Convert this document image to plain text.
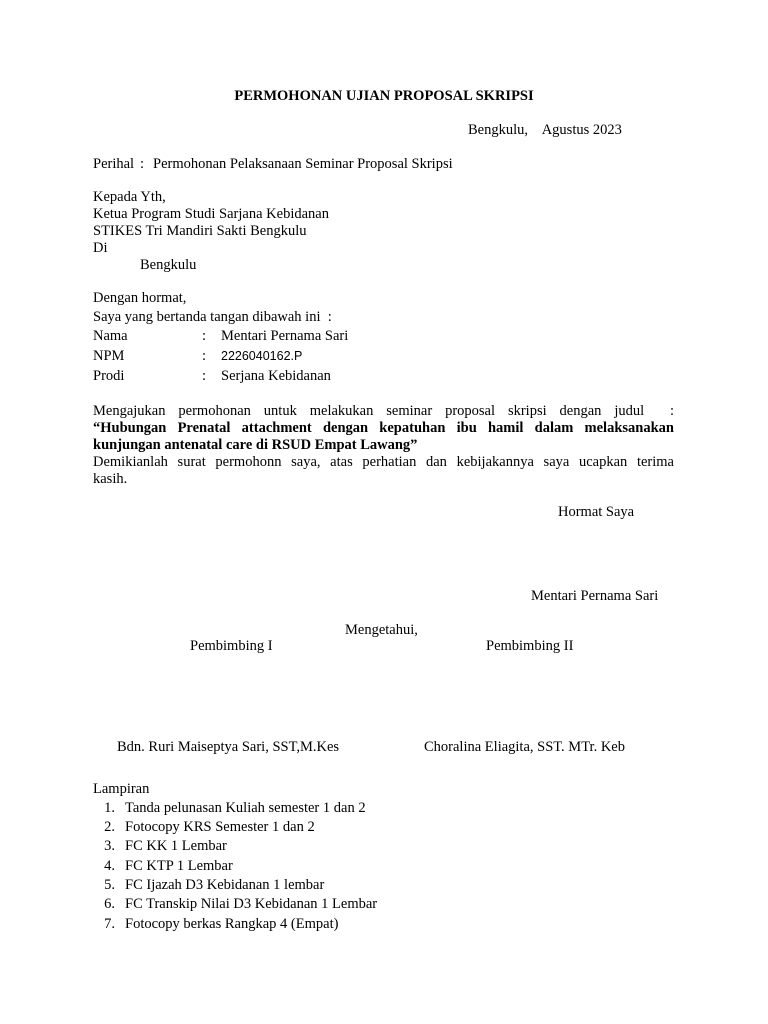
PERMOHONAN UJIAN PROPOSAL SKRIPSI
Bengkulu,    Agustus 2023
Perihal : Permohonan Pelaksanaan Seminar Proposal Skripsi
Kepada Yth,
Ketua Program Studi Sarjana Kebidanan
STIKES Tri Mandiri Sakti Bengkulu
Di
Bengkulu
Dengan hormat,
Saya yang bertanda tangan dibawah ini  :
Nama	: Mentari Pernama Sari
NPM	: 2226040162.P
Prodi	: Serjana Kebidanan
Mengajukan permohonan untuk melakukan seminar proposal skripsi dengan judul  :
“Hubungan Prenatal attachment dengan kepatuhan ibu hamil dalam melaksanakan
kunjungan antenatal care di RSUD Empat Lawang”
Demikianlah surat permohonn saya, atas perhatian dan kebijakannya saya ucapkan terima
kasih.
Hormat Saya
Mentari Pernama Sari
Mengetahui,
Pembimbing I	Pembimbing II
Bdn. Ruri Maiseptya Sari, SST,M.Kes	Choralina Eliagita, SST. MTr. Keb
Lampiran
1. Tanda pelunasan Kuliah semester 1 dan 2
2. Fotocopy KRS Semester 1 dan 2
3. FC KK 1 Lembar
4. FC KTP 1 Lembar
5. FC Ijazah D3 Kebidanan 1 lembar
6. FC Transkip Nilai D3 Kebidanan 1 Lembar
7. Fotocopy berkas Rangkap 4 (Empat)
